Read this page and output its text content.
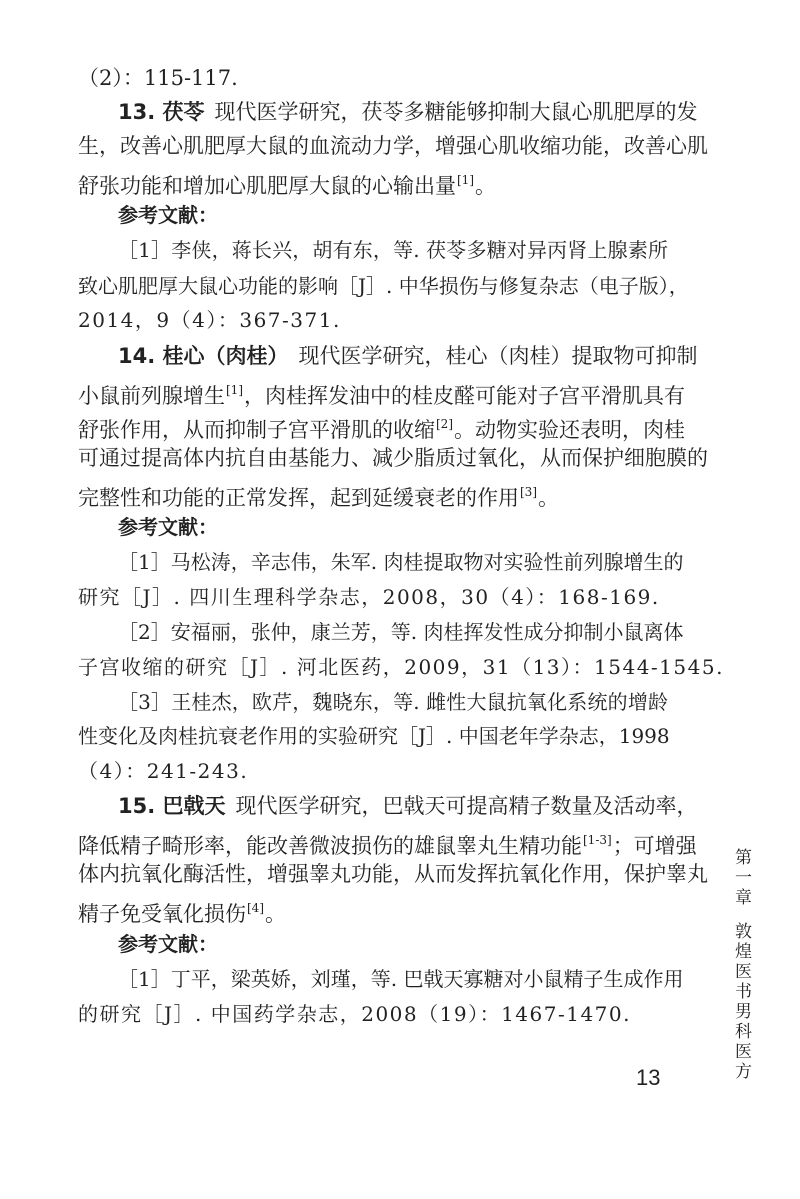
（2）：115-117.
13. 茯苓 现代医学研究，茯苓多糖能够抑制大鼠心肌肥厚的发
生，改善心肌肥厚大鼠的血流动力学，增强心肌收缩功能，改善心肌
舒张功能和增加心肌肥厚大鼠的心输出量[1]。
参考文献：
［1］李侠，蒋长兴，胡有东，等. 茯苓多糖对异丙肾上腺素所
致心肌肥厚大鼠心功能的影响［J］. 中华损伤与修复杂志（电子版），
2014，9（4）：367-371.
14. 桂心（肉桂） 现代医学研究，桂心（肉桂）提取物可抑制
小鼠前列腺增生[1]，肉桂挥发油中的桂皮醛可能对子宫平滑肌具有
舒张作用，从而抑制子宫平滑肌的收缩[2]。动物实验还表明，肉桂
可通过提高体内抗自由基能力、减少脂质过氧化，从而保护细胞膜的
完整性和功能的正常发挥，起到延缓衰老的作用[3]。
参考文献：
［1］马松涛，辛志伟，朱军. 肉桂提取物对实验性前列腺增生的
研究［J］. 四川生理科学杂志，2008，30（4）：168-169.
［2］安福丽，张仲，康兰芳，等. 肉桂挥发性成分抑制小鼠离体
子宫收缩的研究［J］. 河北医药，2009，31（13）：1544-1545.
［3］王桂杰，欧芹，魏晓东，等. 雌性大鼠抗氧化系统的增龄
性变化及肉桂抗衰老作用的实验研究［J］. 中国老年学杂志，1998
（4）：241-243.
15. 巴戟天 现代医学研究，巴戟天可提高精子数量及活动率，
降低精子畸形率，能改善微波损伤的雄鼠睾丸生精功能[1-3]；可增强
体内抗氧化酶活性，增强睾丸功能，从而发挥抗氧化作用，保护睾丸
精子免受氧化损伤[4]。
参考文献：
［1］丁平，梁英娇，刘瑾，等. 巴戟天寡糖对小鼠精子生成作用
的研究［J］. 中国药学杂志，2008（19）：1467-1470.
第一章敦煌医书男科医方
13
